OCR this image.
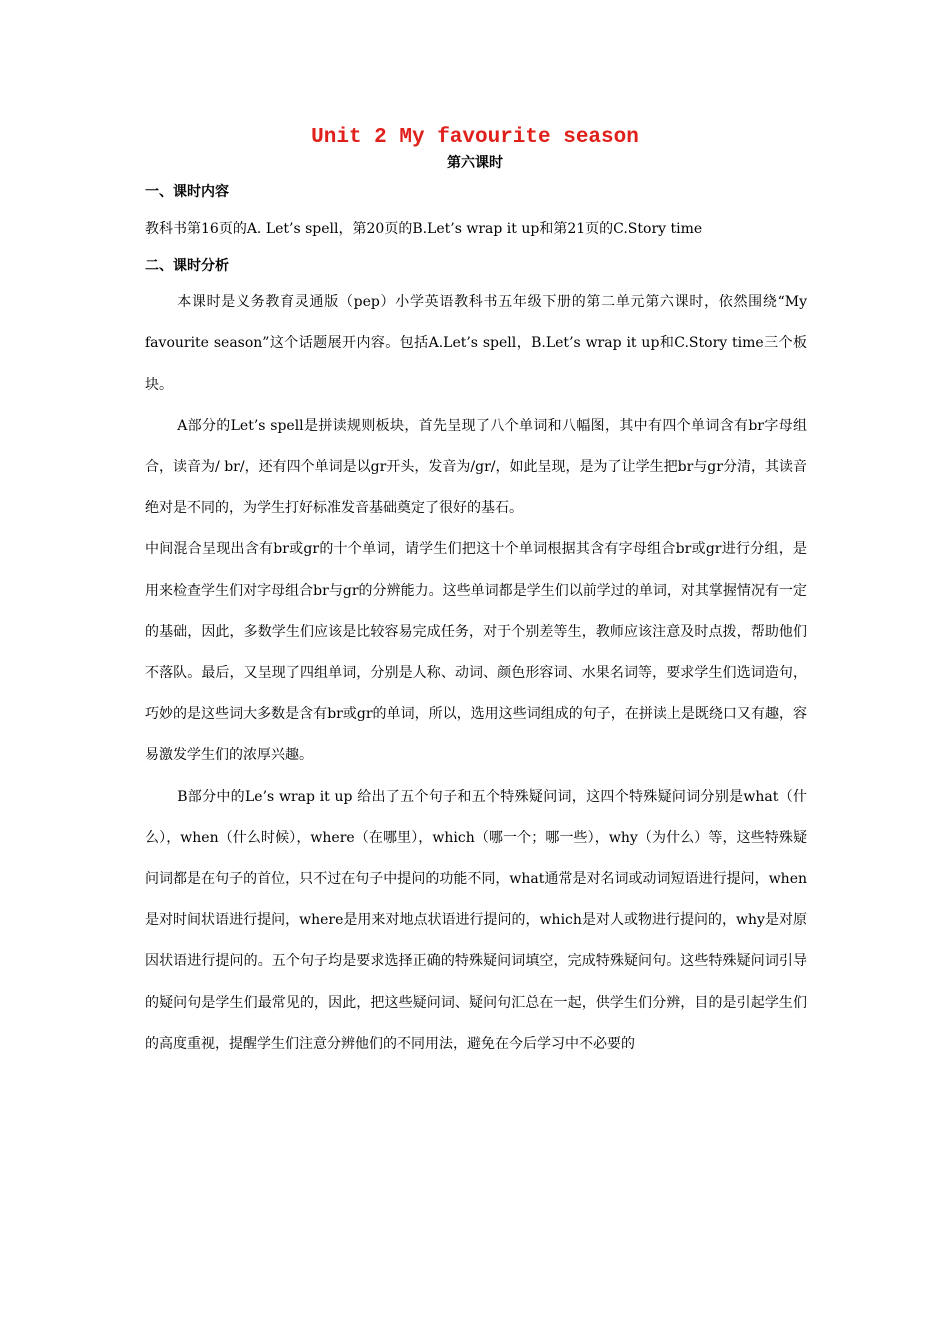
Unit 2 My favourite season
第六课时
一、课时内容

教科书第16页的A. Let’s spell，第20页的B.Let’s wrap it up和第21页的C.Story time

二、课时分析

本课时是义务教育灵通版（pep）小学英语教科书五年级下册的第二单元第六课时，依然围绕“My favourite season”这个话题展开内容。包括A.Let’s spell，B.Let’s wrap it up和C.Story time三个板块。

A部分的Let’s spell是拼读规则板块，首先呈现了八个单词和八幅图，其中有四个单词含有br字母组合，读音为/ br/，还有四个单词是以gr开头，发音为/gr/，如此呈现，是为了让学生把br与gr分清，其读音绝对是不同的，为学生打好标准发音基础奠定了很好的基石。

中间混合呈现出含有br或gr的十个单词，请学生们把这十个单词根据其含有字母组合br或gr进行分组，是用来检查学生们对字母组合br与gr的分辨能力。这些单词都是学生们以前学过的单词，对其掌握情况有一定的基础，因此，多数学生们应该是比较容易完成任务，对于个别差等生，教师应该注意及时点拨，帮助他们不落队。最后，又呈现了四组单词，分别是人称、动词、颜色形容词、水果名词等，要求学生们选词造句，巧妙的是这些词大多数是含有br或gr的单词，所以，选用这些词组成的句子，在拼读上是既绕口又有趣，容易激发学生们的浓厚兴趣。

B部分中的Le’s wrap it up 给出了五个句子和五个特殊疑问词，这四个特殊疑问词分别是what（什么），when（什么时候），where（在哪里），which（哪一个；哪一些），why（为什么）等，这些特殊疑问词都是在句子的首位，只不过在句子中提问的功能不同，what通常是对名词或动词短语进行提问，when是对时间状语进行提问，where是用来对地点状语进行提问的，which是对人或物进行提问的，why是对原因状语进行提问的。五个句子均是要求选择正确的特殊疑问词填空，完成特殊疑问句。这些特殊疑问词引导的疑问句是学生们最常见的，因此，把这些疑问词、疑问句汇总在一起，供学生们分辨，目的是引起学生们的高度重视，提醒学生们注意分辨他们的不同用法，避免在今后学习中不必要的
